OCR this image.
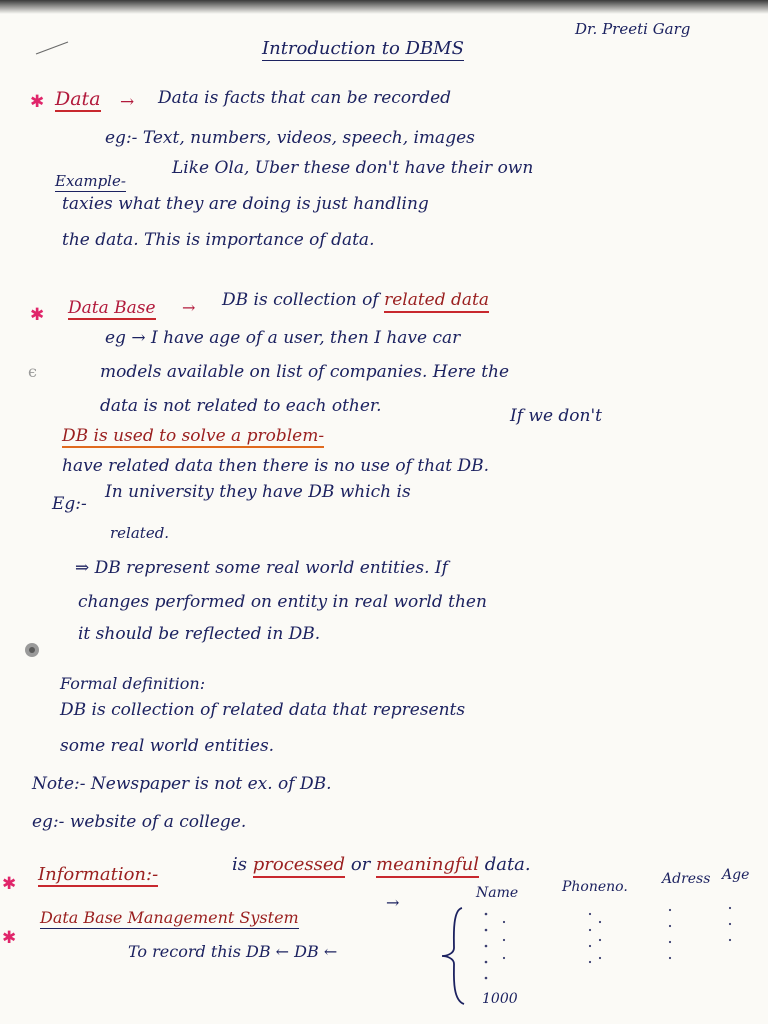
Introduction to DBMS
Dr. Preeti Garg
✱ Data → Data is facts that can be recorded
eg:- Text, numbers, videos, speech, images
Example-
Like Ola, Uber these don't have their own
taxies what they are doing is just handling
the data. This is importance of data.
✱ Data Base → DB is collection of related data
eg → I have age of a user, then I have car
models available on list of companies. Here the
data is not related to each other.
DB is used to solve a problem-
If we don't
have related data then there is no use of that DB.
Eg:-
In university they have DB which is
related.
⇒ DB represent some real world entities. If
changes performed on entity in real world then
it should be reflected in DB.
Formal definition:
DB is collection of related data that represents
some real world entities.
Note:- Newspaper is not ex. of DB.
eg:- website of a college.
✱ Information:-	is processed or meaningful data.
✱
Data Base Management System
→
To record this DB ← DB ←
Name	Phoneno. Adress Age
1000
ϵ
